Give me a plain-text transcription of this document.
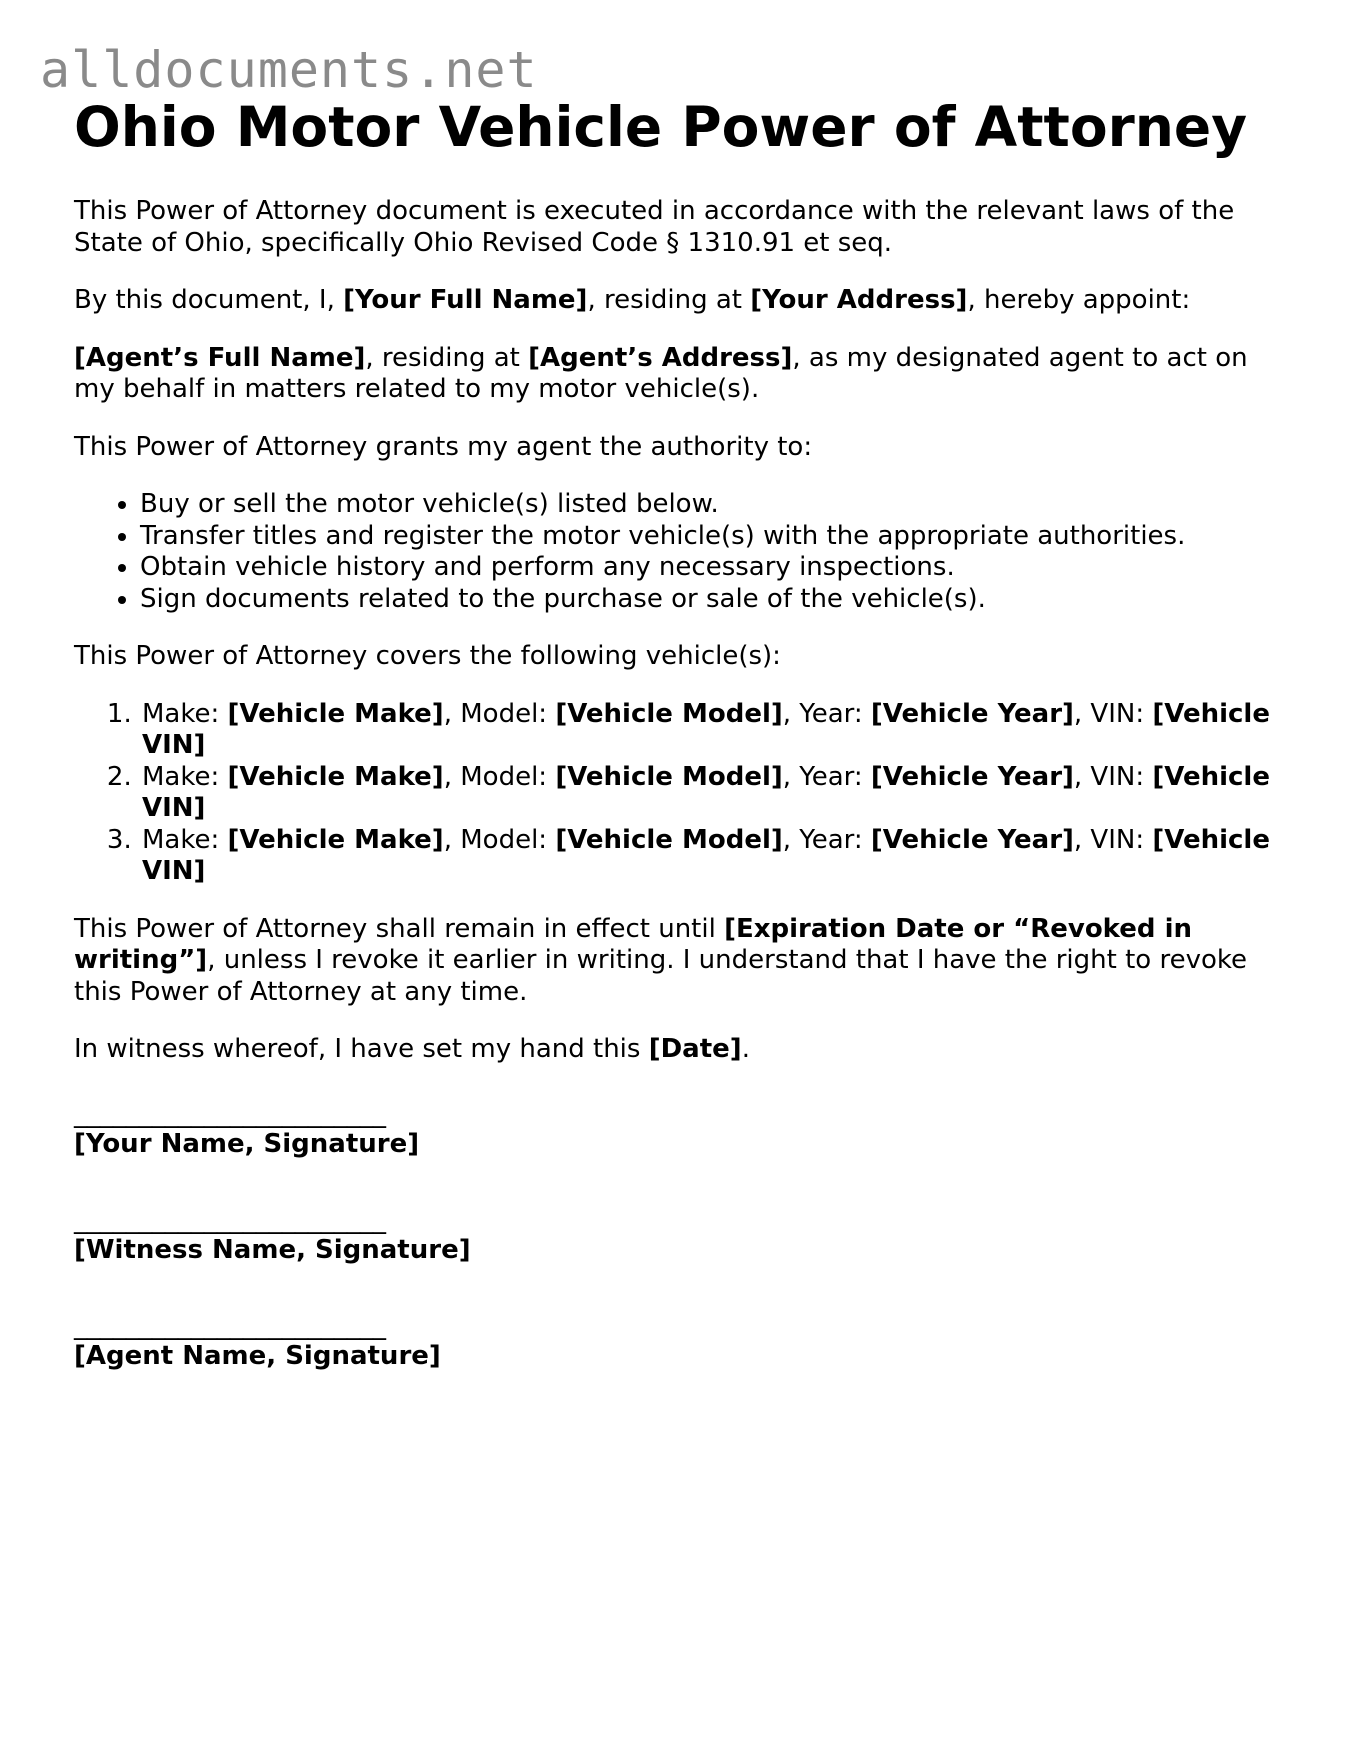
alldocuments.net
Ohio Motor Vehicle Power of Attorney

This Power of Attorney document is executed in accordance with the relevant laws of the State of Ohio, specifically Ohio Revised Code § 1310.91 et seq.

By this document, I, [Your Full Name], residing at [Your Address], hereby appoint:

[Agent’s Full Name], residing at [Agent’s Address], as my designated agent to act on my behalf in matters related to my motor vehicle(s).

This Power of Attorney grants my agent the authority to:

• Buy or sell the motor vehicle(s) listed below.
• Transfer titles and register the motor vehicle(s) with the appropriate authorities.
• Obtain vehicle history and perform any necessary inspections.
• Sign documents related to the purchase or sale of the vehicle(s).

This Power of Attorney covers the following vehicle(s):

1. Make: [Vehicle Make], Model: [Vehicle Model], Year: [Vehicle Year], VIN: [Vehicle VIN]
2. Make: [Vehicle Make], Model: [Vehicle Model], Year: [Vehicle Year], VIN: [Vehicle VIN]
3. Make: [Vehicle Make], Model: [Vehicle Model], Year: [Vehicle Year], VIN: [Vehicle VIN]

This Power of Attorney shall remain in effect until [Expiration Date or “Revoked in writing”], unless I revoke it earlier in writing. I understand that I have the right to revoke this Power of Attorney at any time.

In witness whereof, I have set my hand this [Date].

________________________
[Your Name, Signature]
________________________
[Witness Name, Signature]
________________________
[Agent Name, Signature]
